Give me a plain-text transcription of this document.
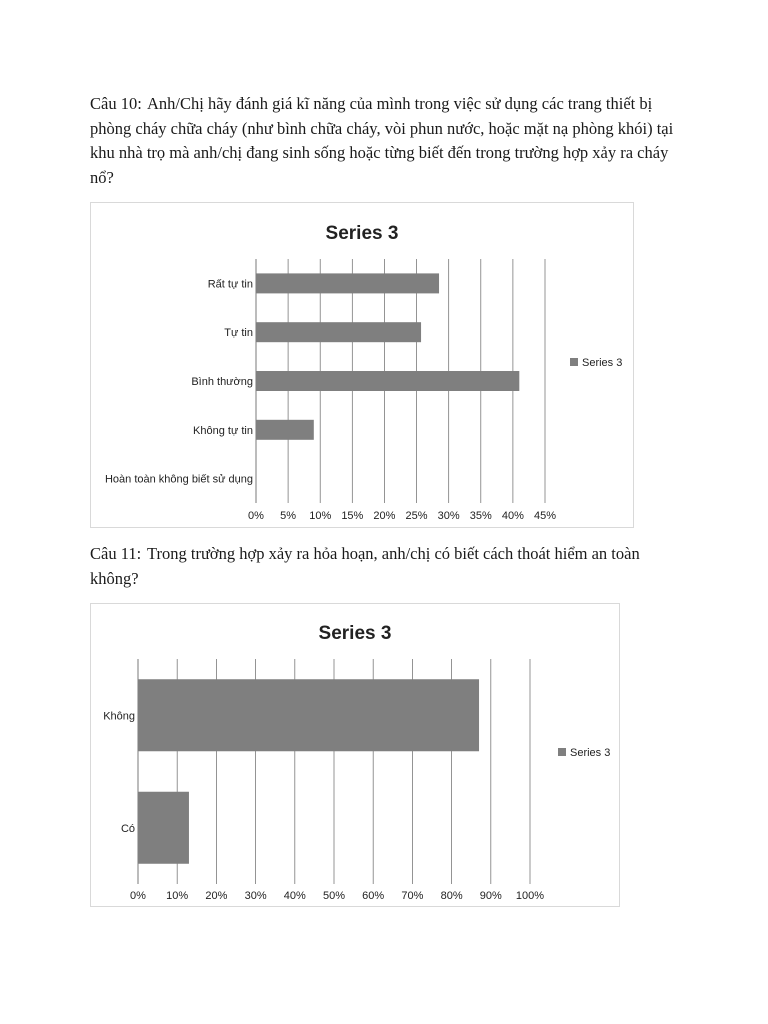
Câu 10: Anh/Chị hãy đánh giá kĩ năng của mình trong việc sử dụng các trang thiết bị phòng cháy chữa cháy (như bình chữa cháy, vòi phun nước, hoặc mặt nạ phòng khói) tại khu nhà trọ mà anh/chị đang sinh sống hoặc từng biết đến trong trường hợp xảy ra cháy nổ?

Series 3
0% 5% 10% 15% 20% 25% 30% 35% 40% 45%
Rất tự tin
Tự tin
Bình thường
Không tự tin
Hoàn toàn không biết sử dụng
Series 3

Câu 11: Trong trường hợp xảy ra hỏa hoạn, anh/chị có biết cách thoát hiểm an toàn không?

Series 3
0% 10% 20% 30% 40% 50% 60% 70% 80% 90% 100%
Không
Có
Series 3
